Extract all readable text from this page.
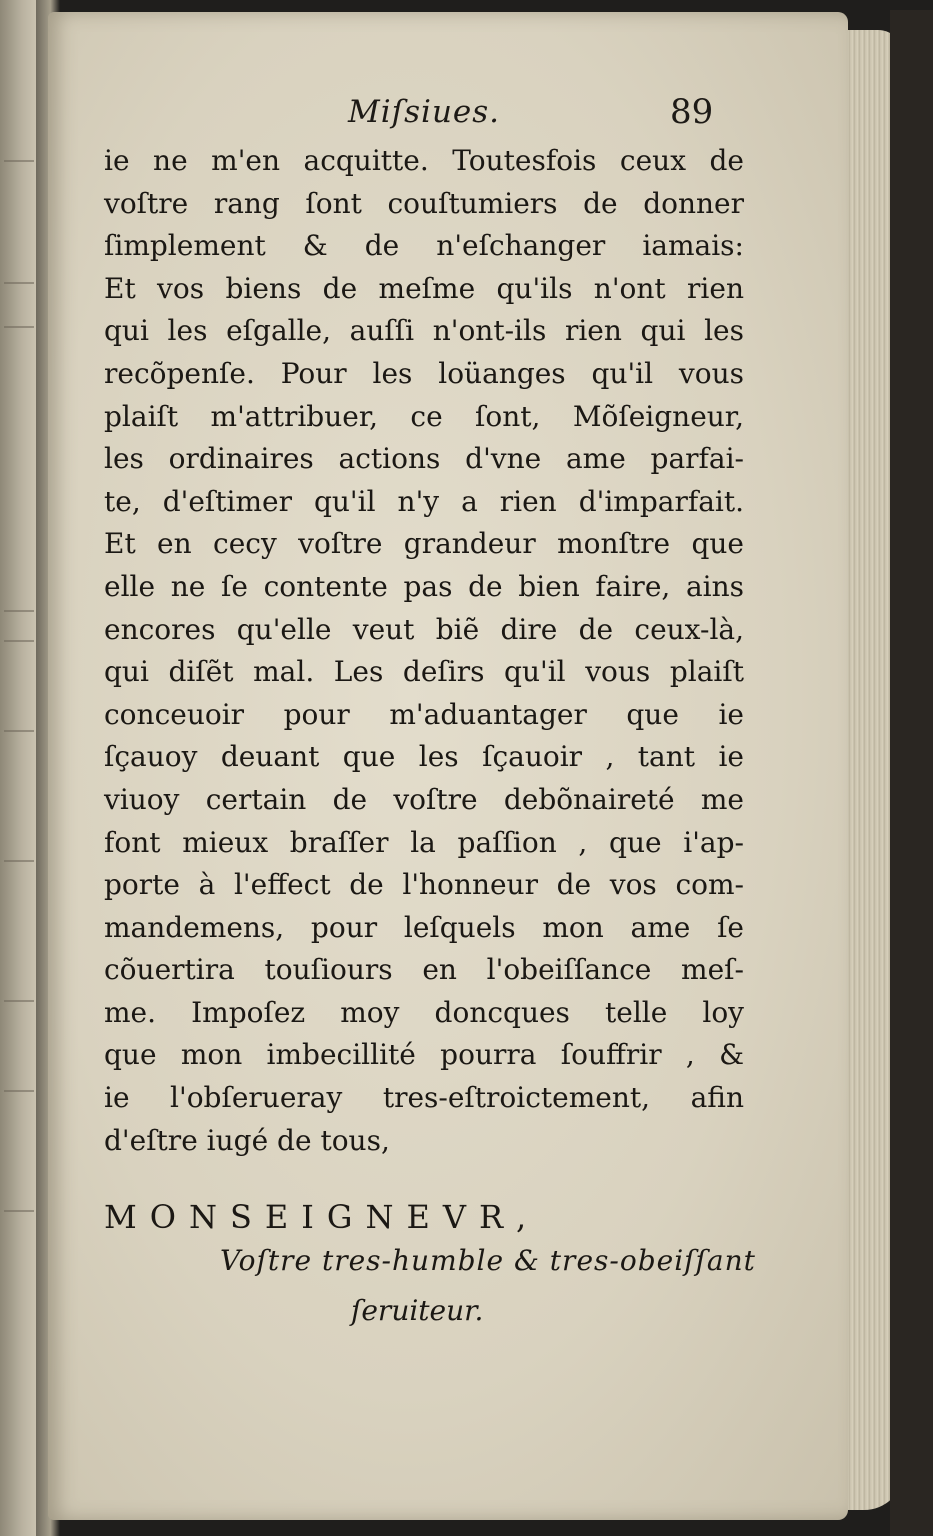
Miſsiues.	89
ie ne m'en acquitte. Toutesfois ceux de
voſtre rang ſont couſtumiers de donner
ſimplement & de n'eſchanger iamais:
Et vos biens de meſme qu'ils n'ont rien
qui les eſgalle, auſſi n'ont-ils rien qui les
recõpenſe. Pour les loüanges qu'il vous
plaiſt m'attribuer, ce ſont, Mõſeigneur,
les ordinaires actions d'vne ame parfai-
te, d'eſtimer qu'il n'y a rien d'imparfait.
Et en cecy voſtre grandeur monſtre que
elle ne ſe contente pas de bien faire, ains
encores qu'elle veut biẽ dire de ceux-là,
qui diſẽt mal. Les deſirs qu'il vous plaiſt
conceuoir pour m'aduantager que ie
ſçauoy deuant que les ſçauoir , tant ie
viuoy certain de voſtre debõnaireté me
font mieux braſſer la paſſion , que i'ap-
porte à l'effect de l'honneur de vos com-
mandemens, pour leſquels mon ame ſe
cõuertira touſiours en l'obeiſſance meſ-
me. Impoſez moy doncques telle loy
que mon imbecillité pourra ſouffrir , &
ie l'obſerueray tres-eſtroictement, afin
d'eſtre iugé de tous,
MONSEIGNEVR,
Voſtre tres-humble & tres-obeiſſant
ſeruiteur.
